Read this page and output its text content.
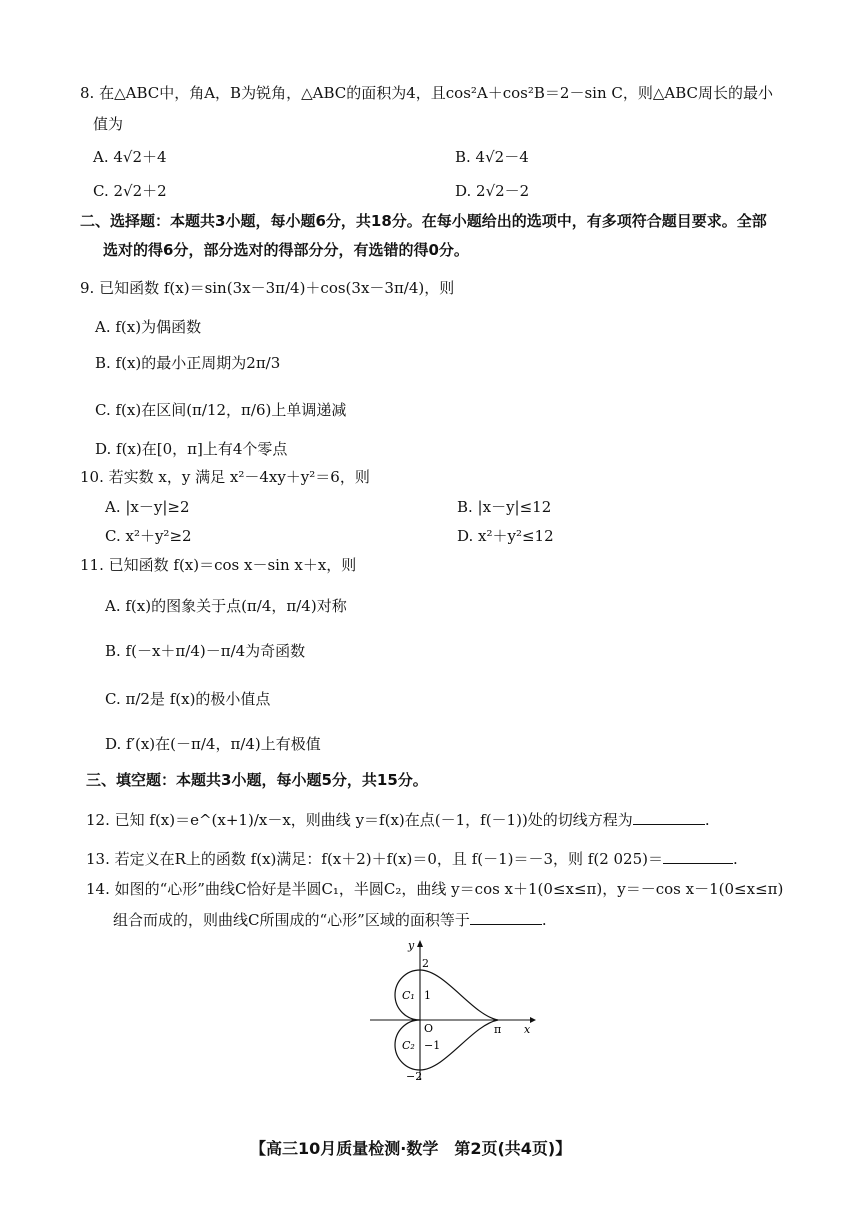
8. 在△ABC中，角A，B为锐角，△ABC的面积为4，且cos²A＋cos²B＝2－sin C，则△ABC周长的最小
值为
A. 4√2＋4	B. 4√2－4
C. 2√2＋2	D. 2√2－2
二、选择题：本题共3小题，每小题6分，共18分。在每小题给出的选项中，有多项符合题目要求。全部
选对的得6分，部分选对的得部分分，有选错的得0分。
9. 已知函数 f(x)＝sin(3x－3π/4)＋cos(3x－3π/4)，则
A. f(x)为偶函数
B. f(x)的最小正周期为2π/3
C. f(x)在区间(π/12，π/6)上单调递减
D. f(x)在[0，π]上有4个零点
10. 若实数 x，y 满足 x²－4xy＋y²＝6，则
A. |x－y|≥2	B. |x－y|≤12
C. x²＋y²≥2	D. x²＋y²≤12
11. 已知函数 f(x)＝cos x－sin x＋x，则
A. f(x)的图象关于点(π/4，π/4)对称
B. f(－x＋π/4)－π/4为奇函数
C. π/2是 f(x)的极小值点
D. f′(x)在(－π/4，π/4)上有极值
三、填空题：本题共3小题，每小题5分，共15分。
12. 已知 f(x)＝e^(x+1)/x－x，则曲线 y＝f(x)在点(－1，f(－1))处的切线方程为	.
13. 若定义在R上的函数 f(x)满足：f(x＋2)＋f(x)＝0，且 f(－1)＝－3，则 f(2 025)＝	.
14. 如图的“心形”曲线C恰好是半圆C₁，半圆C₂，曲线 y＝cos x＋1(0≤x≤π)，y＝－cos x－1(0≤x≤π)
组合而成的，则曲线C所围成的“心形”区域的面积等于	.
y
x
O
2
1
−1
−2
π
C₁
C₂
【高三10月质量检测·数学　第2页(共4页)】
